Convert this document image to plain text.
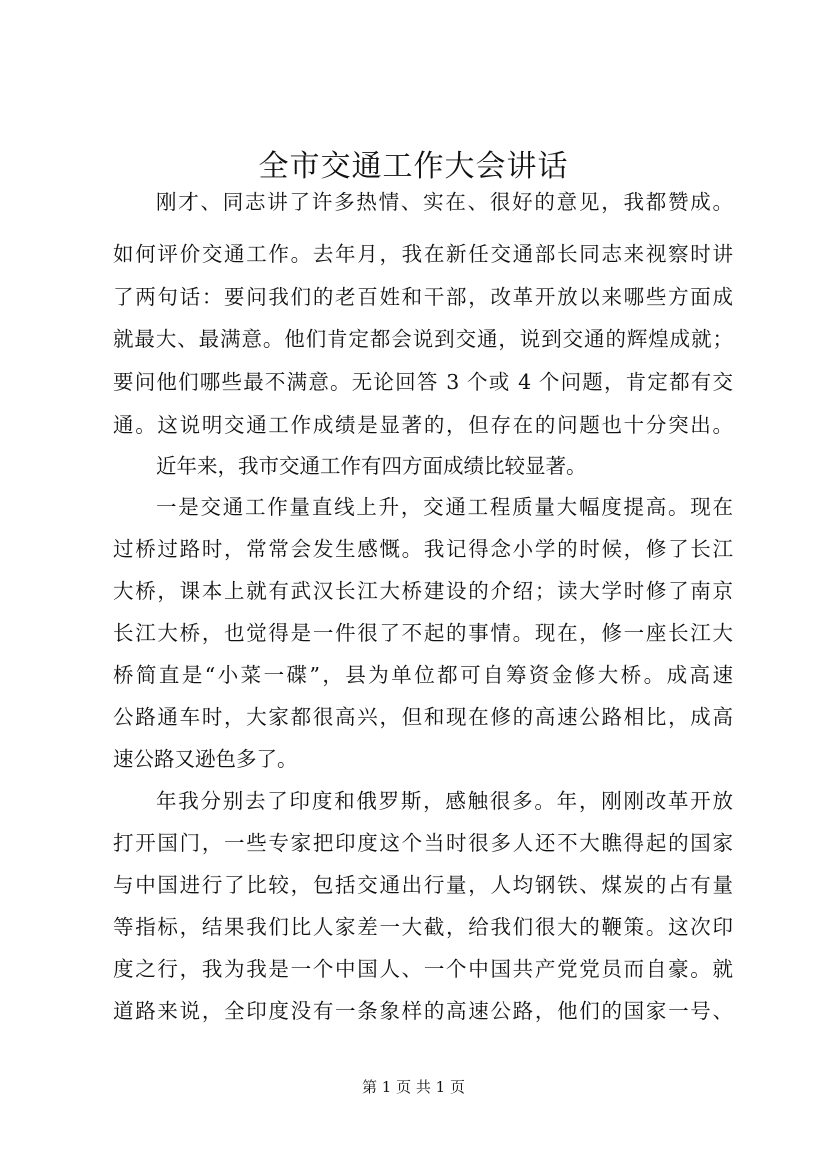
全市交通工作大会讲话
刚才、同志讲了许多热情、实在、很好的意见，我都赞成。
如何评价交通工作。去年月，我在新任交通部长同志来视察时讲
了两句话：要问我们的老百姓和干部，改革开放以来哪些方面成
就最大、最满意。他们肯定都会说到交通，说到交通的辉煌成就；
要问他们哪些最不满意。无论回答 3 个或 4 个问题，肯定都有交
通。这说明交通工作成绩是显著的，但存在的问题也十分突出。
近年来，我市交通工作有四方面成绩比较显著。
一是交通工作量直线上升，交通工程质量大幅度提高。现在
过桥过路时，常常会发生感慨。我记得念小学的时候，修了长江
大桥，课本上就有武汉长江大桥建设的介绍；读大学时修了南京
长江大桥，也觉得是一件很了不起的事情。现在，修一座长江大
桥简直是“小菜一碟”，县为单位都可自筹资金修大桥。成高速
公路通车时，大家都很高兴，但和现在修的高速公路相比，成高
速公路又逊色多了。
年我分别去了印度和俄罗斯，感触很多。年，刚刚改革开放
打开国门，一些专家把印度这个当时很多人还不大瞧得起的国家
与中国进行了比较，包括交通出行量，人均钢铁、煤炭的占有量
等指标，结果我们比人家差一大截，给我们很大的鞭策。这次印
度之行，我为我是一个中国人、一个中国共产党党员而自豪。就
道路来说，全印度没有一条象样的高速公路，他们的国家一号、
第 1 页 共 1 页
